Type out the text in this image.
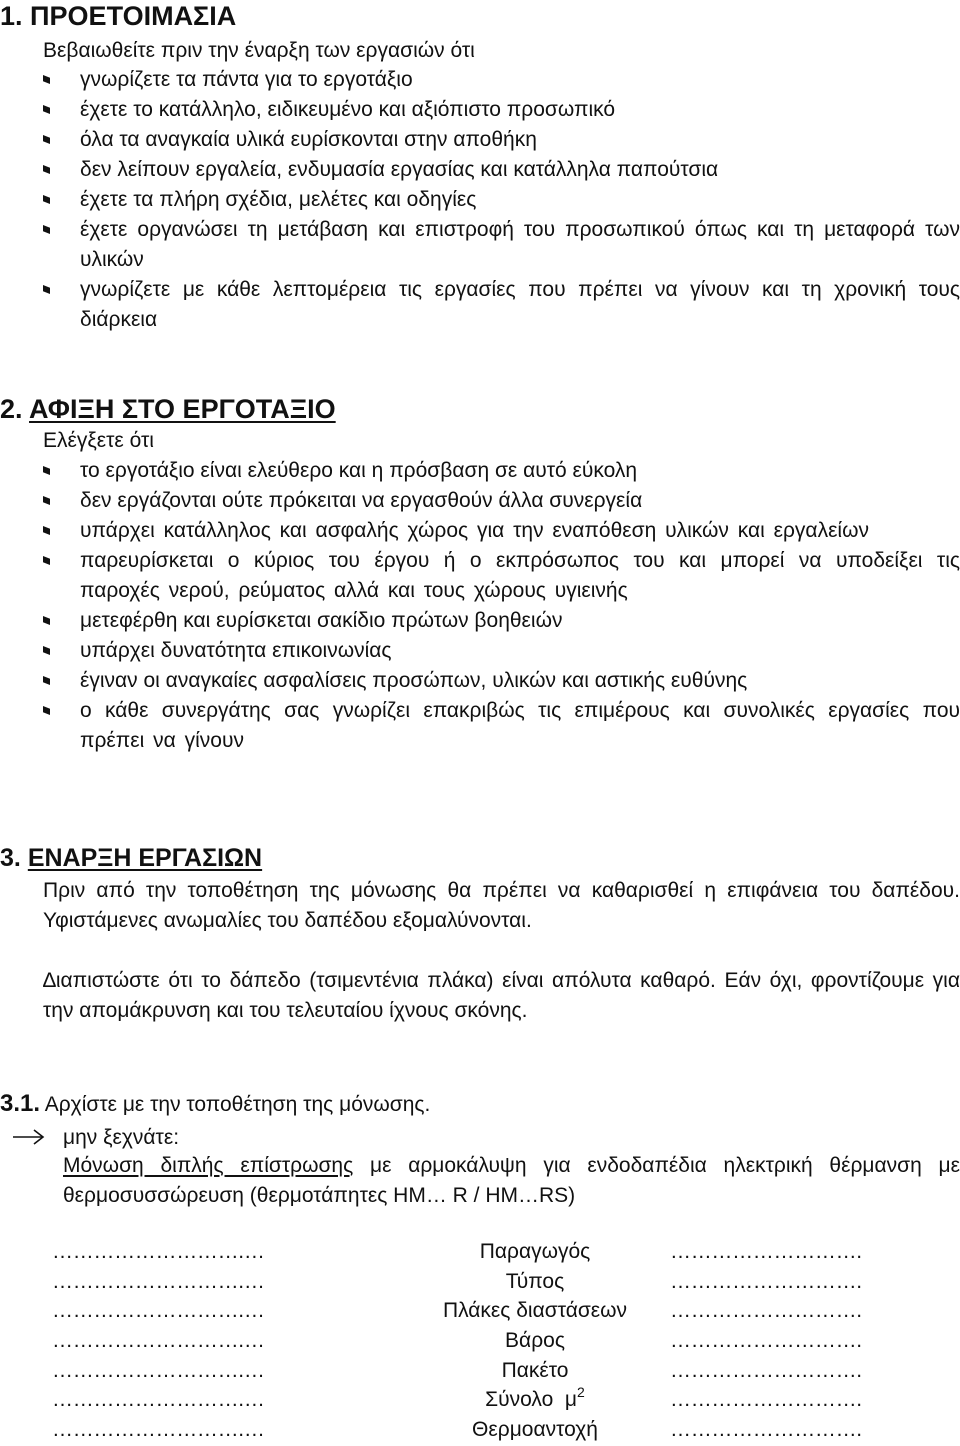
1. ΠΡΟΕΤΟΙΜΑΣΙΑ

Βεβαιωθείτε πριν την έναρξη των εργασιών ότι

γνωρίζετε τα πάντα για το εργοτάξιο
έχετε το κατάλληλο, ειδικευμένο και αξιόπιστο προσωπικό
όλα τα αναγκαία υλικά ευρίσκονται στην αποθήκη
δεν λείπουν εργαλεία, ενδυμασία εργασίας και κατάλληλα παπούτσια
έχετε τα πλήρη σχέδια, μελέτες και οδηγίες
έχετε οργανώσει τη μετάβαση και επιστροφή του προσωπικού όπως και τη μεταφορά των υλικών
γνωρίζετε με κάθε λεπτομέρεια τις εργασίες που πρέπει να γίνουν και τη χρονική τους διάρκεια
2. ΑΦΙΞΗ ΣΤΟ ΕΡΓΟΤΑΞΙΟ

Ελέγξετε ότι

το εργοτάξιο είναι ελεύθερο και η πρόσβαση σε αυτό εύκολη
δεν εργάζονται ούτε πρόκειται να εργασθούν άλλα συνεργεία
υπάρχει κατάλληλος και ασφαλής χώρος για την εναπόθεση υλικών και εργαλείων
παρευρίσκεται ο κύριος του έργου ή ο εκπρόσωπος του και μπορεί να υποδείξει τις παροχές νερού, ρεύματος αλλά και τους χώρους υγιεινής
μετεφέρθη και ευρίσκεται σακίδιο πρώτων βοηθειών
υπάρχει δυνατότητα επικοινωνίας
έγιναν οι αναγκαίες ασφαλίσεις προσώπων, υλικών και αστικής ευθύνης
ο κάθε συνεργάτης σας γνωρίζει επακριβώς τις επιμέρους και συνολικές εργασίες που πρέπει να γίνουν
3. ΕΝΑΡΞΗ ΕΡΓΑΣΙΩΝ

Πριν από την τοποθέτηση της μόνωσης θα πρέπει να καθαρισθεί η επιφάνεια του δαπέδου. Υφιστάμενες ανωμαλίες του δαπέδου εξομαλύνονται.

∆ιαπιστώστε ότι το δάπεδο (τσιμεντένια πλάκα) είναι απόλυτα καθαρό. Εάν όχι, φροντίζουμε για την απομάκρυνση και του τελευταίου ίχνους σκόνης.

3.1. Αρχίστε με την τοποθέτηση της μόνωσης.

μην ξεχνάτε:

Μόνωση διπλής επίστρωσης με αρμοκάλυψη για ενδοδαπέδια ηλεκτρική θέρμανση με θερμοσυσσώρευση (θερμοτάπητες ΗΜ… R / ΗΜ…RS)

……………………….…	Παραγωγός	……………………….
……………………….…	Τύπος	……………………….
……………………….…	Πλάκες διαστάσεων	……………………….
……………………….…	Βάρος	……………………….
……………………….…	Πακέτο	……………………….
……………………….…	Σύνολο  $\mu^2$	……………………….
……………………….…	Θερμοαντοχή	……………………….
